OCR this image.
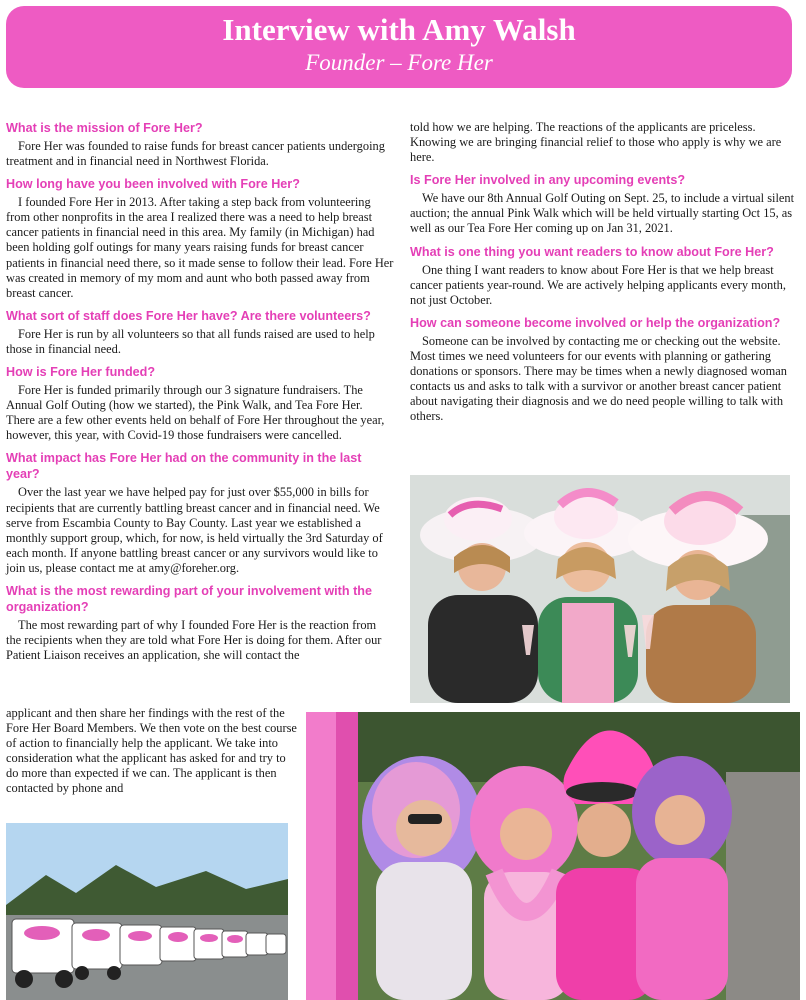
Interview with Amy Walsh
Founder – Fore Her
What is the mission of Fore Her?
Fore Her was founded to raise funds for breast cancer patients undergoing treatment and in financial need in Northwest Florida.
How long have you been involved with Fore Her?
I founded Fore Her in 2013. After taking a step back from volunteering from other nonprofits in the area I realized there was a need to help breast cancer patients in financial need in this area. My family (in Michigan) had been holding golf outings for many years raising funds for breast cancer patients in financial need there, so it made sense to follow their lead. Fore Her was created in memory of my mom and aunt who both passed away from breast cancer.
What sort of staff does Fore Her have? Are there volunteers?
Fore Her is run by all volunteers so that all funds raised are used to help those in financial need.
How is Fore Her funded?
Fore Her is funded primarily through our 3 signature fundraisers. The Annual Golf Outing (how we started), the Pink Walk, and Tea Fore Her. There are a few other events held on behalf of Fore Her throughout the year, however, this year, with Covid-19 those fundraisers were cancelled.
What impact has Fore Her had on the community in the last year?
Over the last year we have helped pay for just over $55,000 in bills for recipients that are currently battling breast cancer and in financial need. We serve from Escambia County to Bay County. Last year we established a monthly support group, which, for now, is held virtually the 3rd Saturday of each month. If anyone battling breast cancer or any survivors would like to join us, please contact me at amy@foreher.org.
What is the most rewarding part of your involvement with the organization?
The most rewarding part of why I founded Fore Her is the reaction from the recipients when they are told what Fore Her is doing for them. After our Patient Liaison receives an application, she will contact the
applicant and then share her findings with the rest of the Fore Her Board Members. We then vote on the best course of action to financially help the applicant. We take into consideration what the applicant has asked for and try to do more than expected if we can. The applicant is then contacted by phone and
told how we are helping. The reactions of the applicants are priceless. Knowing we are bringing financial relief to those who apply is why we are here.
Is Fore Her involved in any upcoming events?
We have our 8th Annual Golf Outing on Sept. 25, to include a virtual silent auction; the annual Pink Walk which will be held virtually starting Oct 15, as well as our Tea Fore Her coming up on Jan 31, 2021.
What is one thing you want readers to know about Fore Her?
One thing I want readers to know about Fore Her is that we help breast cancer patients year-round. We are actively helping applicants every month, not just October.
How can someone become involved or help the organization?
Someone can be involved by contacting me or checking out the website. Most times we need volunteers for our events with planning or gathering donations or sponsors. There may be times when a newly diagnosed woman contacts us and asks to talk with a survivor or another breast cancer patient about navigating their diagnosis and we do need people willing to talk with others.
